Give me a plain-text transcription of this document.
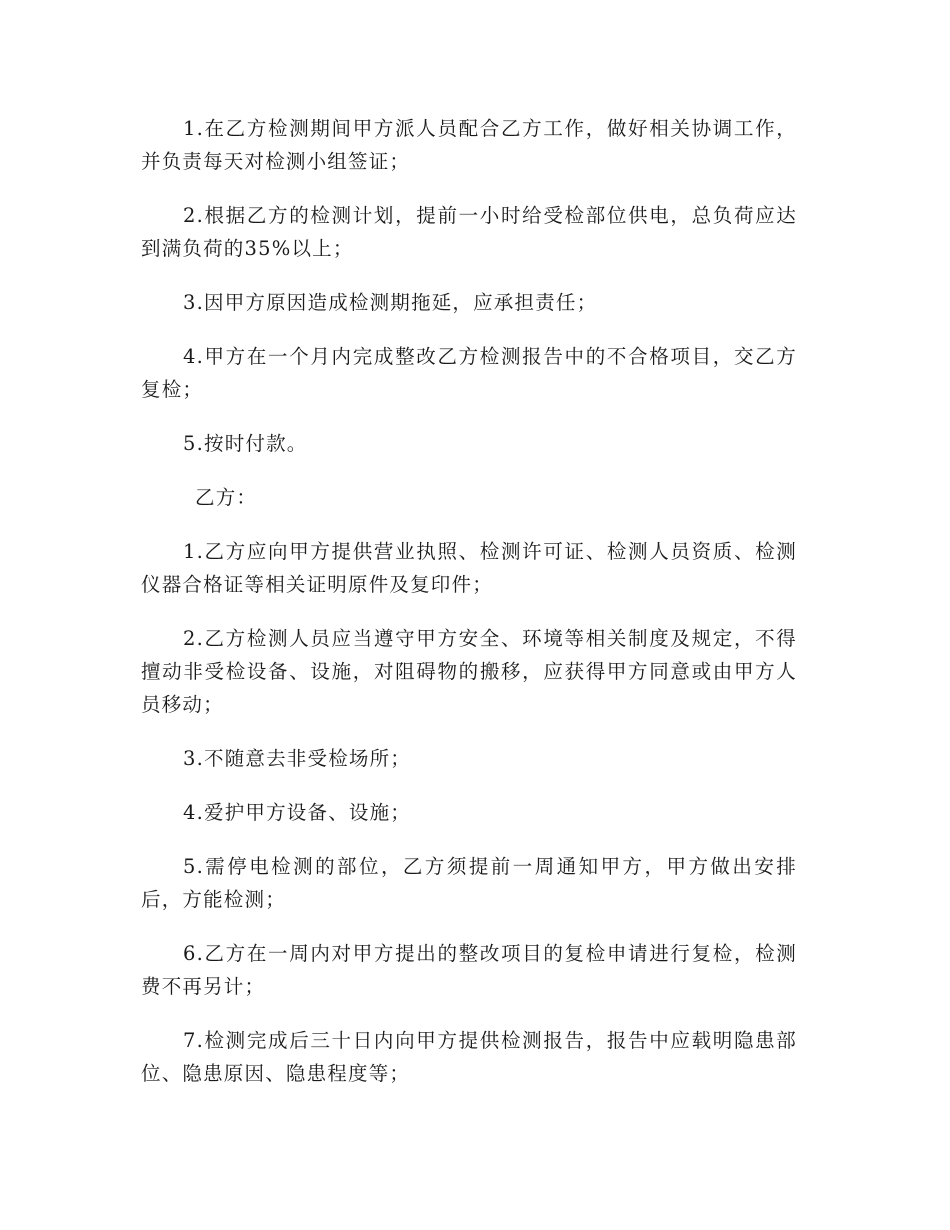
1.在乙方检测期间甲方派人员配合乙方工作，做好相关协调工作，并负责每天对检测小组签证；

2.根据乙方的检测计划，提前一小时给受检部位供电，总负荷应达到满负荷的35%以上；

3.因甲方原因造成检测期拖延，应承担责任；

4.甲方在一个月内完成整改乙方检测报告中的不合格项目，交乙方复检；

5.按时付款。

乙方：

1.乙方应向甲方提供营业执照、检测许可证、检测人员资质、检测仪器合格证等相关证明原件及复印件；

2.乙方检测人员应当遵守甲方安全、环境等相关制度及规定，不得擅动非受检设备、设施，对阻碍物的搬移，应获得甲方同意或由甲方人员移动；

3.不随意去非受检场所；

4.爱护甲方设备、设施；

5.需停电检测的部位，乙方须提前一周通知甲方，甲方做出安排后，方能检测；

6.乙方在一周内对甲方提出的整改项目的复检申请进行复检，检测费不再另计；

7.检测完成后三十日内向甲方提供检测报告，报告中应载明隐患部位、隐患原因、隐患程度等；
